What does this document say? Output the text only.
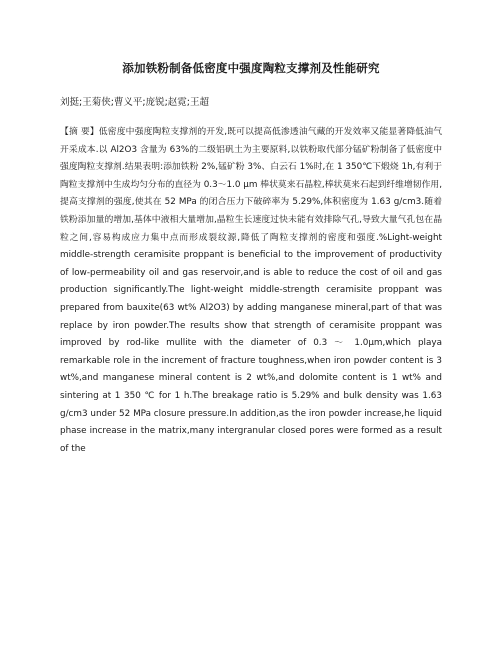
添加铁粉制备低密度中强度陶粒支撑剂及性能研究
刘挺;王菊侠;曹义平;庞锐;赵霓;王超

【摘 要】低密度中强度陶粒支撑剂的开发,既可以提高低渗透油气藏的开发效率又能显著降低油气开采成本.以 Al2O3 含量为 63%的二级铝矾土为主要原料,以铁粉取代部分锰矿粉制备了低密度中强度陶粒支撑剂.结果表明:添加铁粉 2%,锰矿粉 3%、白云石 1%时,在 1 350℃下煅烧 1h,有利于陶粒支撑剂中生成均匀分布的直径为 0.3～1.0 μm 棒状莫来石晶粒,棒状莫来石起到纤维增韧作用,提高支撑剂的强度,使其在 52 MPa 的闭合压力下破碎率为 5.29%,体积密度为 1.63 g/cm3.随着铁粉添加量的增加,基体中液相大量增加,晶粒生长速度过快未能有效排除气孔,导致大量气孔包在晶粒之间,容易构成应力集中点而形成裂纹源,降低了陶粒支撑剂的密度和强度.%Light-weight middle-strength ceramisite proppant is beneficial to the improvement of productivity of low-permeability oil and gas reservoir,and is able to reduce the cost of oil and gas production significantly.The light-weight middle-strength ceramisite proppant was prepared from bauxite(63 wt% Al2O3) by adding manganese mineral,part of that was replace by iron powder.The results show that strength of ceramisite proppant was improved by rod-like mullite with the diameter of 0.3 ～ 1.0μm,which playa remarkable role in the increment of fracture toughness,when iron powder content is 3 wt%,and manganese mineral content is 2 wt%,and dolomite content is 1 wt% and sintering at 1 350 ℃ for 1 h.The breakage ratio is 5.29% and bulk density was 1.63 g/cm3 under 52 MPa closure pressure.In addition,as the iron powder increase,he liquid phase increase in the matrix,many intergranular closed pores were formed as a result of the
